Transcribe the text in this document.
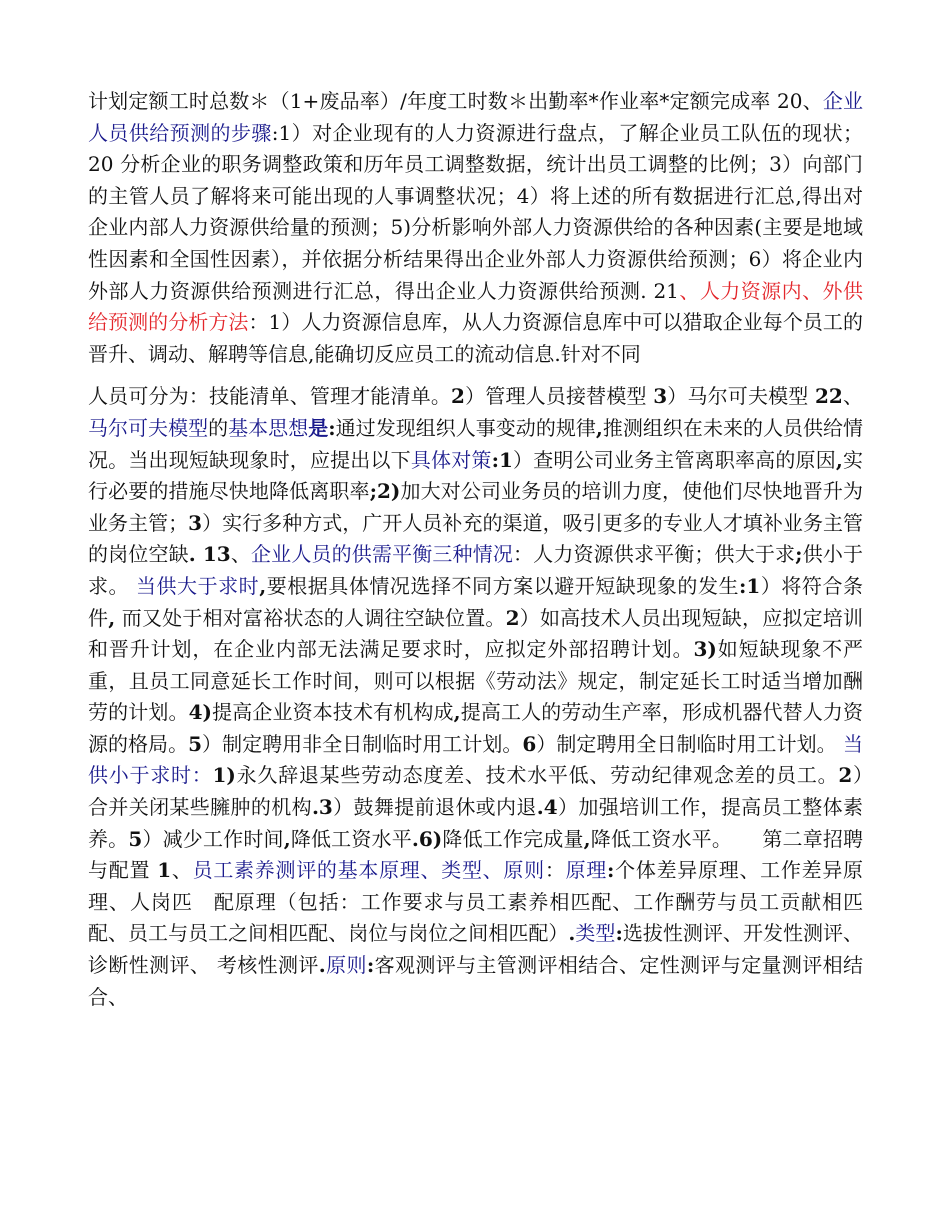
计划定额工时总数＊（1+废品率）/年度工时数＊出勤率*作业率*定额完成率 20、企业人员供给预测的步骤:1）对企业现有的人力资源进行盘点，了解企业员工队伍的现状；20 分析企业的职务调整政策和历年员工调整数据，统计出员工调整的比例；3）向部门的主管人员了解将来可能出现的人事调整状况；4）将上述的所有数据进行汇总,得出对企业内部人力资源供给量的预测；5)分析影响外部人力资源供给的各种因素(主要是地域性因素和全国性因素），并依据分析结果得出企业外部人力资源供给预测；6）将企业内外部人力资源供给预测进行汇总，得出企业人力资源供给预测. 21、人力资源内、外供给预测的分析方法：1）人力资源信息库，从人力资源信息库中可以猎取企业每个员工的晋升、调动、解聘等信息,能确切反应员工的流动信息.针对不同

人员可分为：技能清单、管理才能清单。2）管理人员接替模型 3）马尔可夫模型 22、马尔可夫模型的基本思想是:通过发现组织人事变动的规律,推测组织在未来的人员供给情况。当出现短缺现象时，应提出以下具体对策:1）查明公司业务主管离职率高的原因,实行必要的措施尽快地降低离职率;2)加大对公司业务员的培训力度，使他们尽快地晋升为业务主管；3）实行多种方式，广开人员补充的渠道，吸引更多的专业人才填补业务主管的岗位空缺. 13、企业人员的供需平衡三种情况：人力资源供求平衡；供大于求;供小于求。 当供大于求时,要根据具体情况选择不同方案以避开短缺现象的发生:1）将符合条件, 而又处于相对富裕状态的人调往空缺位置。2）如高技术人员出现短缺，应拟定培训和晋升计划，在企业内部无法满足要求时，应拟定外部招聘计划。3)如短缺现象不严重，且员工同意延长工作时间，则可以根据《劳动法》规定，制定延长工时适当增加酬劳的计划。4)提高企业资本技术有机构成,提高工人的劳动生产率，形成机器代替人力资源的格局。5）制定聘用非全日制临时用工计划。6）制定聘用全日制临时用工计划。 当供小于求时：1)永久辞退某些劳动态度差、技术水平低、劳动纪律观念差的员工。2）　合并关闭某些臃肿的机构.3）鼓舞提前退休或内退.4）加强培训工作，提高员工整体素养。5）减少工作时间,降低工资水平.6)降低工作完成量,降低工资水平。　　第二章招聘与配置 1、员工素养测评的基本原理、类型、原则：原理:个体差异原理、工作差异原理、人岗匹　配原理（包括：工作要求与员工素养相匹配、工作酬劳与员工贡献相匹配、员工与员工之间相匹配、岗位与岗位之间相匹配）.类型:选拔性测评、开发性测评、诊断性测评、 考核性测评.原则:客观测评与主管测评相结合、定性测评与定量测评相结合、
